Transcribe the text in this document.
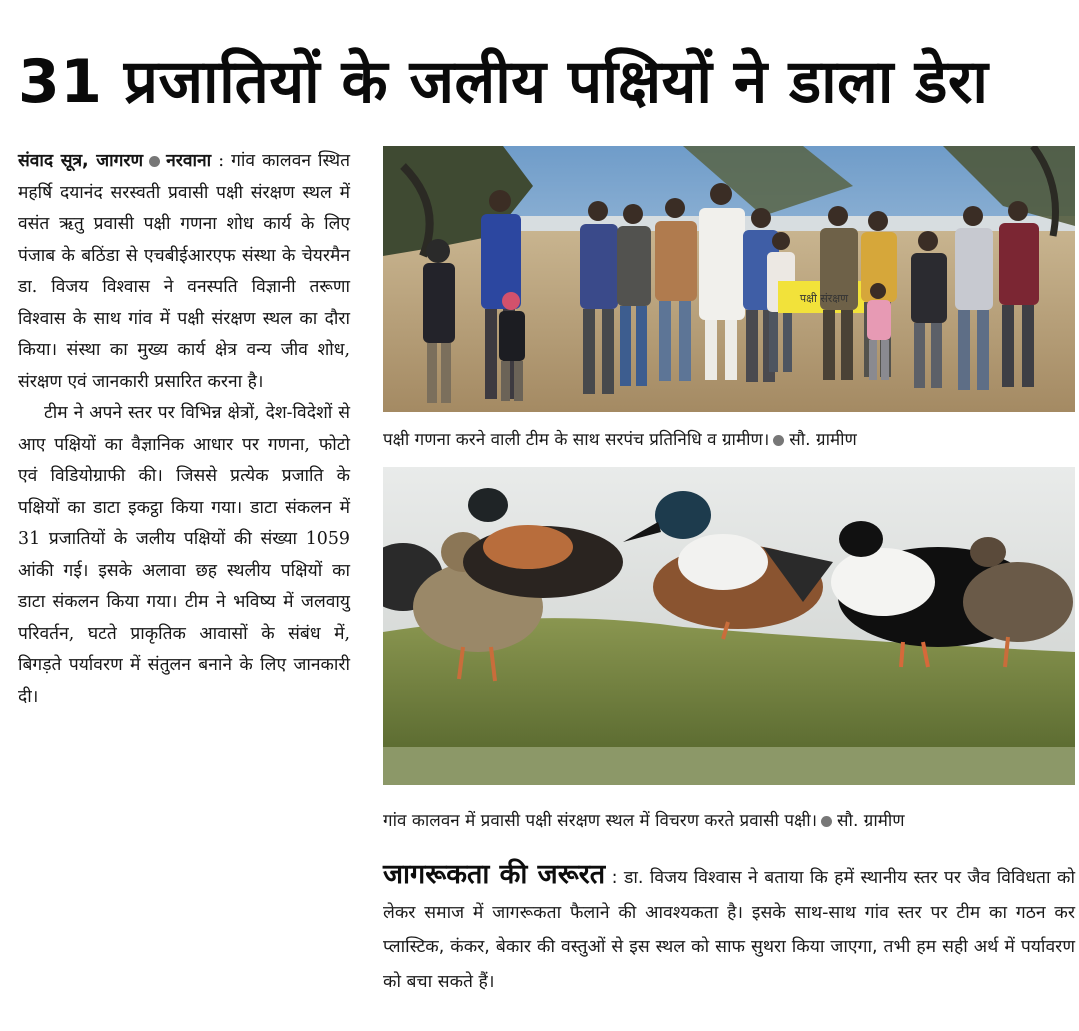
31 प्रजातियों के जलीय पक्षियों ने डाला डेरा

संवाद सूत्र, जागरण नरवाना : गांव कालवन स्थित महर्षि दयानंद सरस्वती प्रवासी पक्षी संरक्षण स्थल में वसंत ऋतु प्रवासी पक्षी गणना शोध कार्य के लिए पंजाब के बठिंडा से एचबीईआरएफ संस्था के चेयरमैन डा. विजय विश्वास ने वनस्पति विज्ञानी तरूणा विश्वास के साथ गांव में पक्षी संरक्षण स्थल का दौरा किया। संस्था का मुख्य कार्य क्षेत्र वन्य जीव शोध, संरक्षण एवं जानकारी प्रसारित करना है।

टीम ने अपने स्तर पर विभिन्न क्षेत्रों, देश-विदेशों से आए पक्षियों का वैज्ञानिक आधार पर गणना, फोटो एवं विडियोग्राफी की। जिससे प्रत्येक प्रजाति के पक्षियों का डाटा इकट्ठा किया गया। डाटा संकलन में 31 प्रजातियों के जलीय पक्षियों की संख्या 1059 आंकी गई। इसके अलावा छह स्थलीय पक्षियों का डाटा संकलन किया गया। टीम ने भविष्य में जलवायु परिवर्तन, घटते प्राकृतिक आवासों के संबंध में, बिगड़ते पर्यावरण में संतुलन बनाने के लिए जानकारी दी।

पक्षी संरक्षण
पक्षी गणना करने वाली टीम के साथ सरपंच प्रतिनिधि व ग्रामीण। सौ. ग्रामीण
गांव कालवन में प्रवासी पक्षी संरक्षण स्थल में विचरण करते प्रवासी पक्षी। सौ. ग्रामीण
जागरूकता की जरूरत : डा. विजय विश्वास ने बताया कि हमें स्थानीय स्तर पर जैव विविधता को लेकर समाज में जागरूकता फैलाने की आवश्यकता है। इसके साथ-साथ गांव स्तर पर टीम का गठन कर प्लास्टिक, कंकर, बेकार की वस्तुओं से इस स्थल को साफ सुथरा किया जाएगा, तभी हम सही अर्थ में पर्यावरण को बचा सकते हैं।
